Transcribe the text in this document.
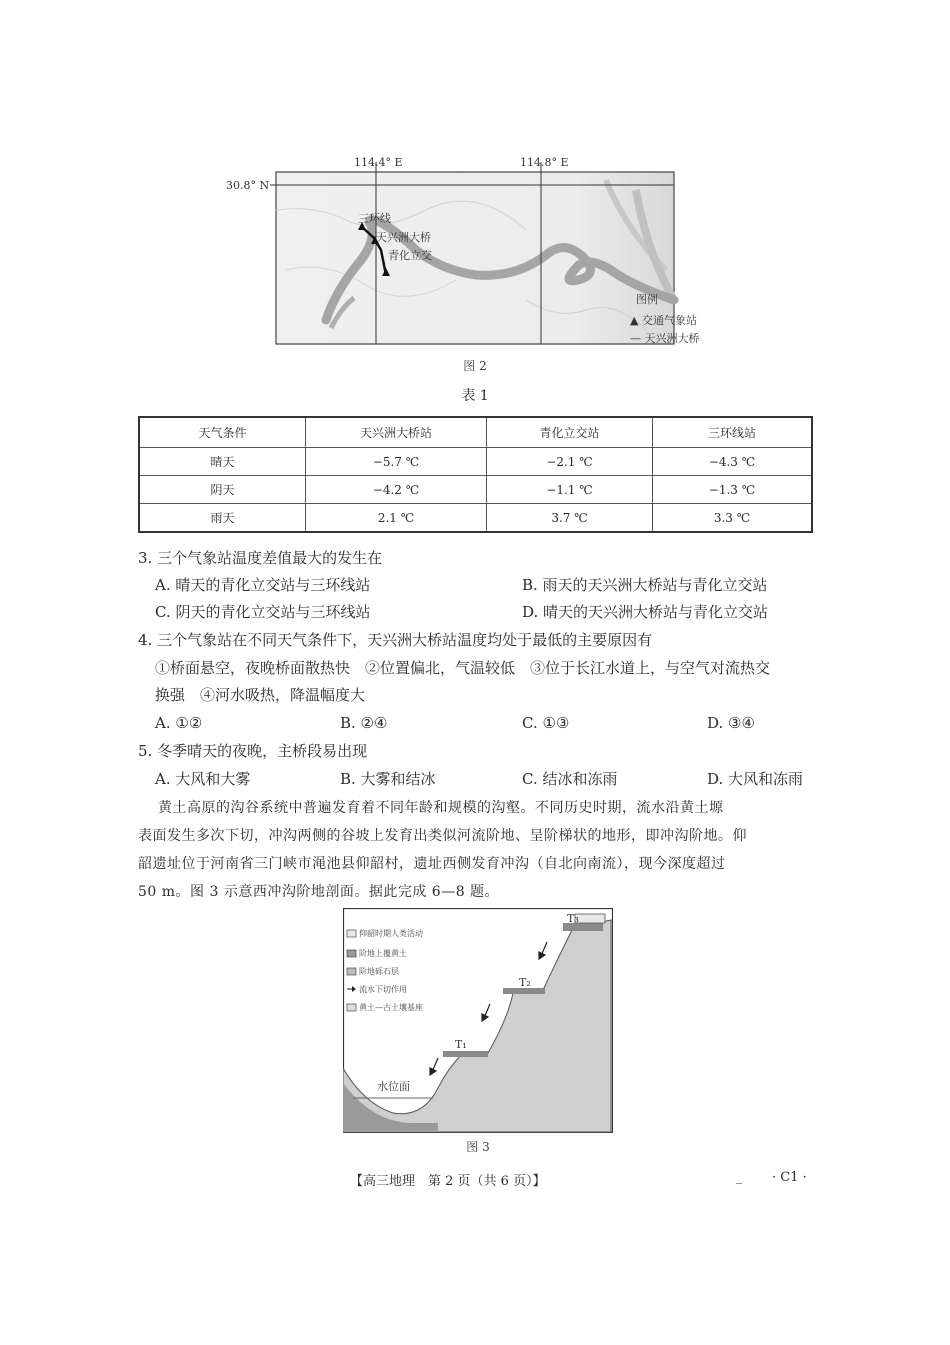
114.4° E	114.8° E
30.8° N
三环线
天兴洲大桥
青化立交
图例
▲ 交通气象站
— 天兴洲大桥
图 2
表 1
天气条件	天兴洲大桥站	青化立交站	三环线站
晴天	−5.7 ℃	−2.1 ℃	−4.3 ℃
阴天	−4.2 ℃	−1.1 ℃	−1.3 ℃
雨天	2.1 ℃	3.7 ℃	3.3 ℃
3. 三个气象站温度差值最大的发生在
A. 晴天的青化立交站与三环线站	B. 雨天的天兴洲大桥站与青化立交站
C. 阴天的青化立交站与三环线站	D. 晴天的天兴洲大桥站与青化立交站
4. 三个气象站在不同天气条件下，天兴洲大桥站温度均处于最低的主要原因有
①桥面悬空，夜晚桥面散热快　②位置偏北，气温较低　③位于长江水道上，与空气对流热交
换强　④河水吸热，降温幅度大
A. ①②	B. ②④	C. ①③	D. ③④
5. 冬季晴天的夜晚，主桥段易出现
A. 大风和大雾	B. 大雾和结冰	C. 结冰和冻雨	D. 大风和冻雨
黄土高原的沟谷系统中普遍发育着不同年龄和规模的沟壑。不同历史时期，流水沿黄土塬
表面发生多次下切，冲沟两侧的谷坡上发育出类似河流阶地、呈阶梯状的地形，即冲沟阶地。仰
韶遗址位于河南省三门峡市渑池县仰韶村，遗址西侧发育冲沟（自北向南流），现今深度超过
50 m。图 3 示意西冲沟阶地剖面。据此完成 6—8 题。
仰韶时期人类活动
阶地上覆黄土
阶地砾石层
流水下切作用
黄土—古土壤基座
T₁
T₂
T₃
水位面
图 3
【高三地理　第 2 页（共 6 页）】	_ · C1 ·
